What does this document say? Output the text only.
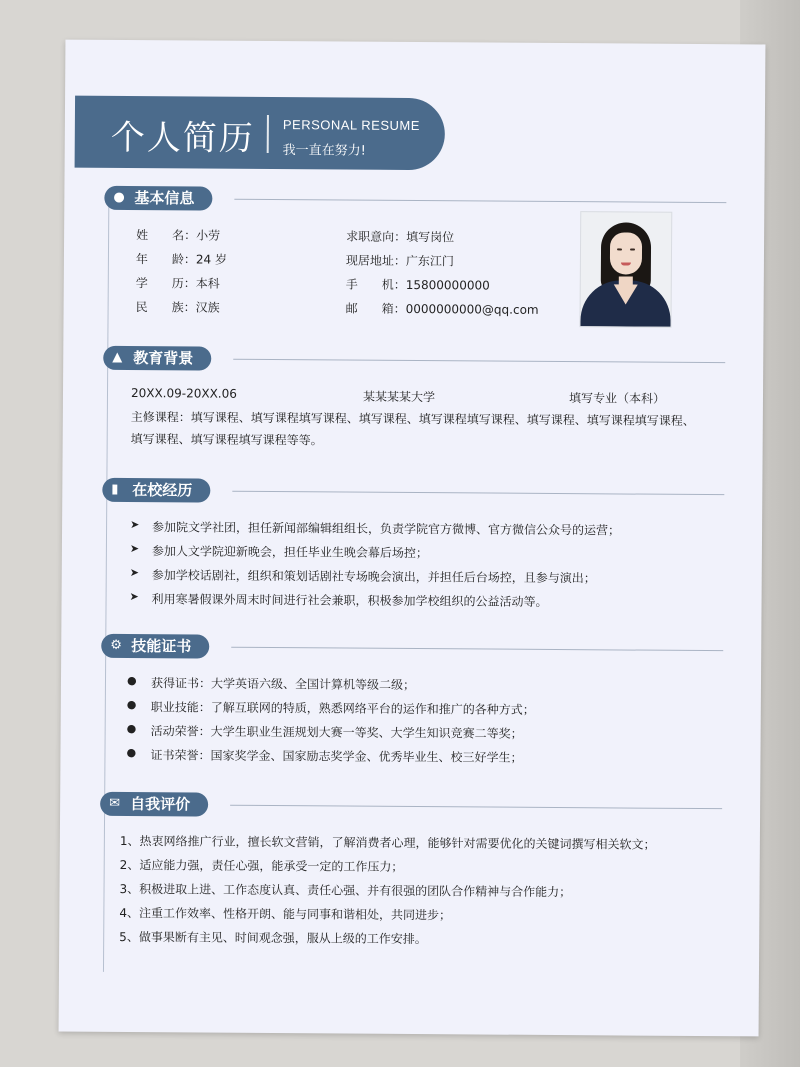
个人简历 PERSONAL RESUME
我一直在努力!
● 基本信息
姓　　名：小劳
年　　龄：24 岁
学　　历：本科
民　　族：汉族
求职意向：填写岗位
现居地址：广东江门
手　　机：15800000000
邮　　箱：0000000000@qq.com
▲ 教育背景
20XX.09-20XX.06	某某某某大学	填写专业（本科）
主修课程：填写课程、填写课程填写课程、填写课程、填写课程填写课程、填写课程、填写课程填写课程、
填写课程、填写课程填写课程等等。
▮ 在校经历
➤ 参加院文学社团，担任新闻部编辑组组长，负责学院官方微博、官方微信公众号的运营；
➤ 参加人文学院迎新晚会，担任毕业生晚会幕后场控；
➤ 参加学校话剧社，组织和策划话剧社专场晚会演出，并担任后台场控，且参与演出；
➤ 利用寒暑假课外周末时间进行社会兼职，积极参加学校组织的公益活动等。
⚙ 技能证书
● 获得证书：大学英语六级、全国计算机等级二级；
● 职业技能：了解互联网的特质，熟悉网络平台的运作和推广的各种方式；
● 活动荣誉：大学生职业生涯规划大赛一等奖、大学生知识竞赛二等奖；
● 证书荣誉：国家奖学金、国家励志奖学金、优秀毕业生、校三好学生；
✉ 自我评价
1、热衷网络推广行业，擅长软文营销，了解消费者心理，能够针对需要优化的关键词撰写相关软文；
2、适应能力强，责任心强，能承受一定的工作压力；
3、积极进取上进、工作态度认真、责任心强、并有很强的团队合作精神与合作能力；
4、注重工作效率、性格开朗、能与同事和谐相处，共同进步；
5、做事果断有主见、时间观念强，服从上级的工作安排。
